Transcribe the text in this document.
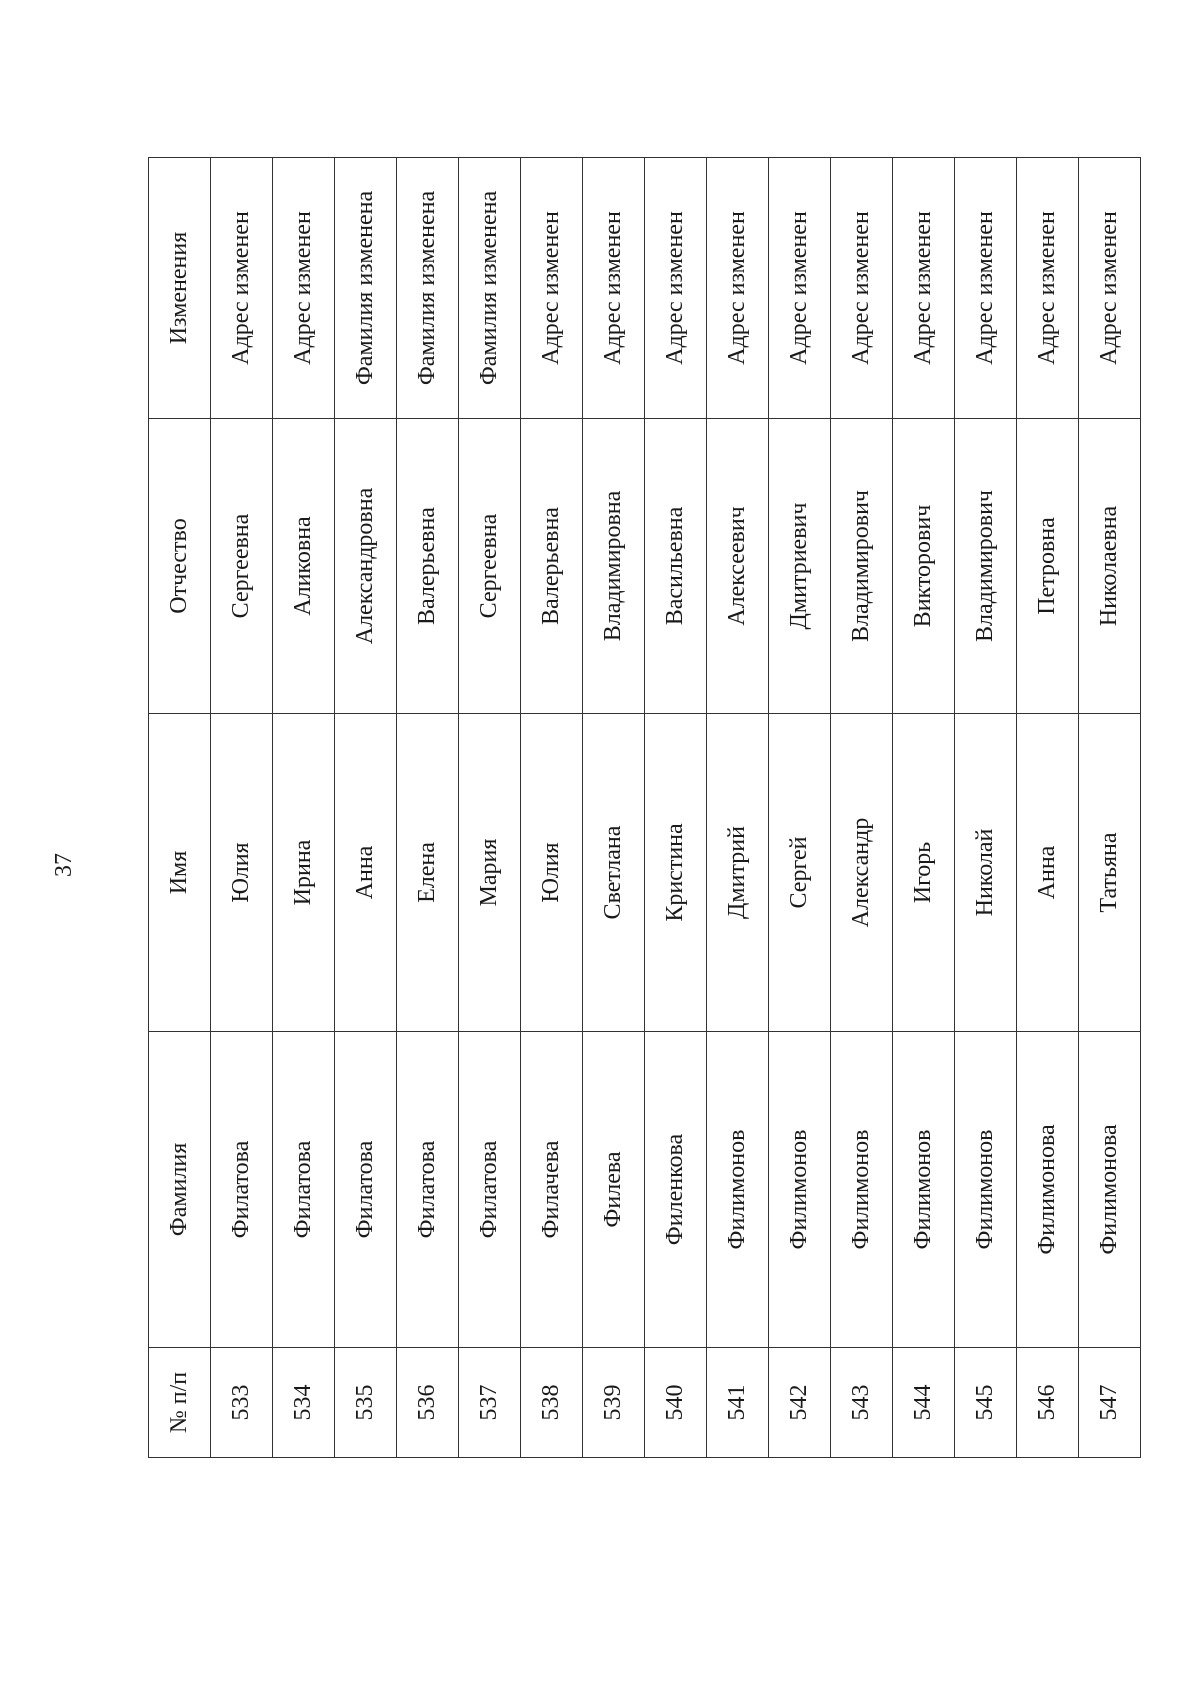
37
№ п/п	Фамилия	Имя	Отчество	Изменения
533	Филатова	Юлия	Сергеевна	Адрес изменен
534	Филатова	Ирина	Аликовна	Адрес изменен
535	Филатова	Анна	Александровна	Фамилия изменена
536	Филатова	Елена	Валерьевна	Фамилия изменена
537	Филатова	Мария	Сергеевна	Фамилия изменена
538	Филачева	Юлия	Валерьевна	Адрес изменен
539	Филева	Светлана	Владимировна	Адрес изменен
540	Филенкова	Кристина	Васильевна	Адрес изменен
541	Филимонов	Дмитрий	Алексеевич	Адрес изменен
542	Филимонов	Сергей	Дмитриевич	Адрес изменен
543	Филимонов	Александр	Владимирович	Адрес изменен
544	Филимонов	Игорь	Викторович	Адрес изменен
545	Филимонов	Николай	Владимирович	Адрес изменен
546	Филимонова	Анна	Петровна	Адрес изменен
547	Филимонова	Татьяна	Николаевна	Адрес изменен
